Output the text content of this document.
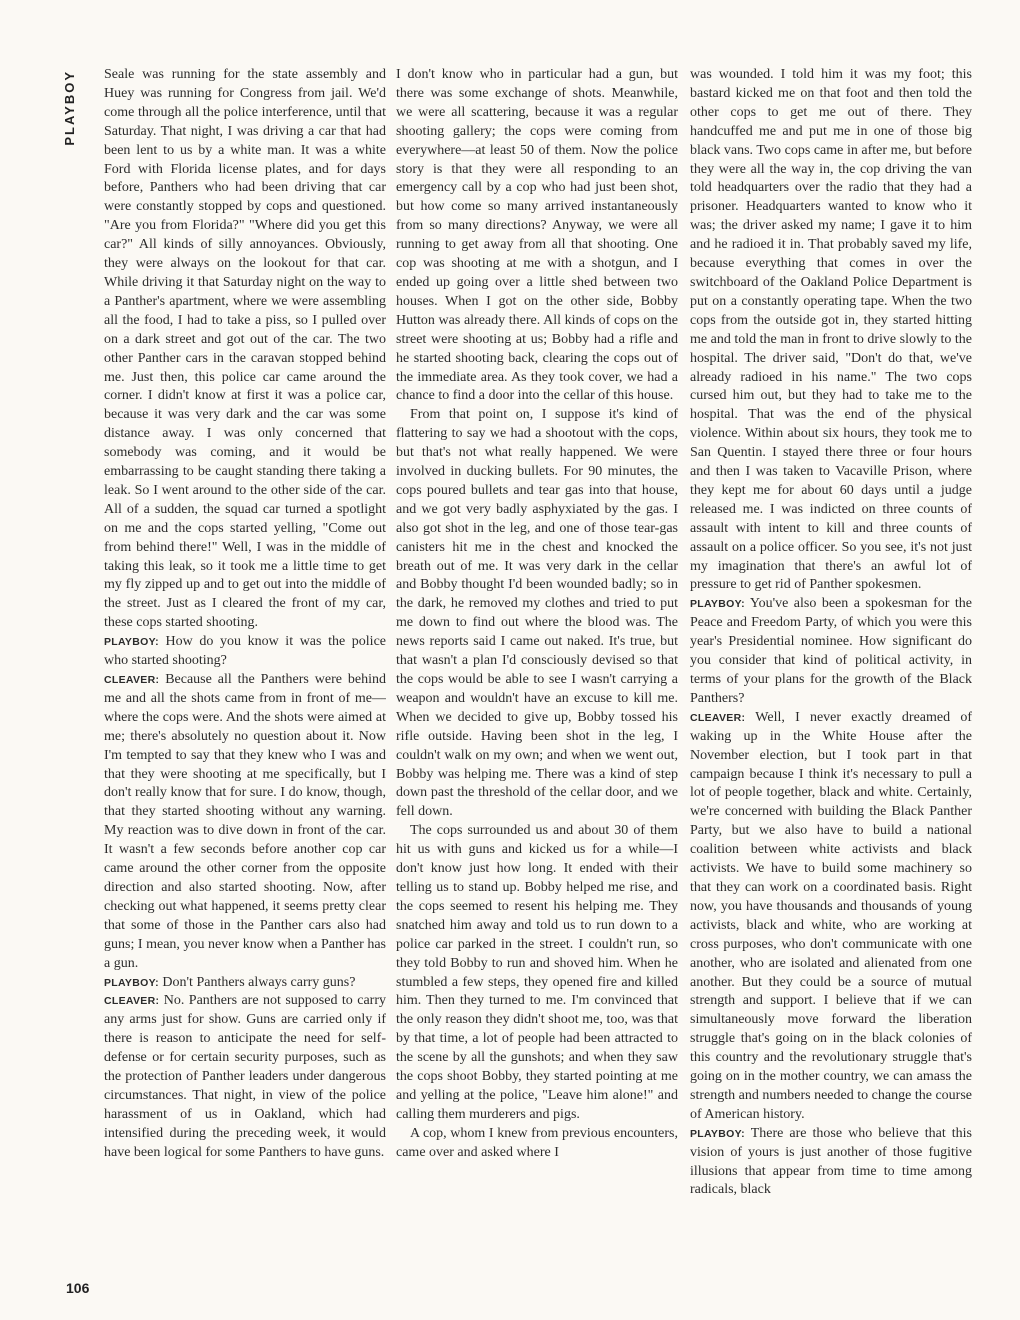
PLAYBOY	Seale was running for the state assembly and Huey was running for Congress from jail. We'd come through all the police interference, until that Saturday. That night, I was driving a car that had been lent to us by a white man. It was a white Ford with Florida license plates, and for days before, Panthers who had been driving that car were constantly stopped by cops and questioned. "Are you from Florida?" "Where did you get this car?" All kinds of silly annoyances. Obviously, they were always on the lookout for that car. While driving it that Saturday night on the way to a Panther's apartment, where we were assembling all the food, I had to take a piss, so I pulled over on a dark street and got out of the car. The two other Panther cars in the caravan stopped behind me. Just then, this police car came around the corner. I didn't know at first it was a police car, because it was very dark and the car was some distance away. I was only concerned that somebody was coming, and it would be embarrassing to be caught standing there taking a leak. So I went around to the other side of the car. All of a sudden, the squad car turned a spotlight on me and the cops started yelling, "Come out from behind there!" Well, I was in the middle of taking this leak, so it took me a little time to get my fly zipped up and to get out into the middle of the street. Just as I cleared the front of my car, these cops started shooting.

PLAYBOY: How do you know it was the police who started shooting?

CLEAVER: Because all the Panthers were behind me and all the shots came from in front of me—where the cops were. And the shots were aimed at me; there's absolutely no question about it. Now I'm tempted to say that they knew who I was and that they were shooting at me specifically, but I don't really know that for sure. I do know, though, that they started shooting without any warning. My reaction was to dive down in front of the car. It wasn't a few seconds before another cop car came around the other corner from the opposite direction and also started shooting. Now, after checking out what happened, it seems pretty clear that some of those in the Panther cars also had guns; I mean, you never know when a Panther has a gun.

PLAYBOY: Don't Panthers always carry guns?

CLEAVER: No. Panthers are not supposed to carry any arms just for show. Guns are carried only if there is reason to anticipate the need for self-defense or for certain security purposes, such as the protection of Panther leaders under dangerous circumstances. That night, in view of the police harassment of us in Oakland, which had intensified during the preceding week, it would have been logical for some Panthers to have guns.

I don't know who in particular had a gun, but there was some exchange of shots. Meanwhile, we were all scattering, because it was a regular shooting gallery; the cops were coming from everywhere—at least 50 of them. Now the police story is that they were all responding to an emergency call by a cop who had just been shot, but how come so many arrived instantaneously from so many directions? Anyway, we were all running to get away from all that shooting. One cop was shooting at me with a shotgun, and I ended up going over a little shed between two houses. When I got on the other side, Bobby Hutton was already there. All kinds of cops on the street were shooting at us; Bobby had a rifle and he started shooting back, clearing the cops out of the immediate area. As they took cover, we had a chance to find a door into the cellar of this house.

From that point on, I suppose it's kind of flattering to say we had a shootout with the cops, but that's not what really happened. We were involved in ducking bullets. For 90 minutes, the cops poured bullets and tear gas into that house, and we got very badly asphyxiated by the gas. I also got shot in the leg, and one of those tear-gas canisters hit me in the chest and knocked the breath out of me. It was very dark in the cellar and Bobby thought I'd been wounded badly; so in the dark, he removed my clothes and tried to put me down to find out where the blood was. The news reports said I came out naked. It's true, but that wasn't a plan I'd consciously devised so that the cops would be able to see I wasn't carrying a weapon and wouldn't have an excuse to kill me. When we decided to give up, Bobby tossed his rifle outside. Having been shot in the leg, I couldn't walk on my own; and when we went out, Bobby was helping me. There was a kind of step down past the threshold of the cellar door, and we fell down.

The cops surrounded us and about 30 of them hit us with guns and kicked us for a while—I don't know just how long. It ended with their telling us to stand up. Bobby helped me rise, and the cops seemed to resent his helping me. They snatched him away and told us to run down to a police car parked in the street. I couldn't run, so they told Bobby to run and shoved him. When he stumbled a few steps, they opened fire and killed him. Then they turned to me. I'm convinced that the only reason they didn't shoot me, too, was that by that time, a lot of people had been attracted to the scene by all the gunshots; and when they saw the cops shoot Bobby, they started pointing at me and yelling at the police, "Leave him alone!" and calling them murderers and pigs.

A cop, whom I knew from previous encounters, came over and asked where I

was wounded. I told him it was my foot; this bastard kicked me on that foot and then told the other cops to get me out of there. They handcuffed me and put me in one of those big black vans. Two cops came in after me, but before they were all the way in, the cop driving the van told headquarters over the radio that they had a prisoner. Headquarters wanted to know who it was; the driver asked my name; I gave it to him and he radioed it in. That probably saved my life, because everything that comes in over the switchboard of the Oakland Police Department is put on a constantly operating tape. When the two cops from the outside got in, they started hitting me and told the man in front to drive slowly to the hospital. The driver said, "Don't do that, we've already radioed in his name." The two cops cursed him out, but they had to take me to the hospital. That was the end of the physical violence. Within about six hours, they took me to San Quentin. I stayed there three or four hours and then I was taken to Vacaville Prison, where they kept me for about 60 days until a judge released me. I was indicted on three counts of assault with intent to kill and three counts of assault on a police officer. So you see, it's not just my imagination that there's an awful lot of pressure to get rid of Panther spokesmen.

PLAYBOY: You've also been a spokesman for the Peace and Freedom Party, of which you were this year's Presidential nominee. How significant do you consider that kind of political activity, in terms of your plans for the growth of the Black Panthers?

CLEAVER: Well, I never exactly dreamed of waking up in the White House after the November election, but I took part in that campaign because I think it's necessary to pull a lot of people together, black and white. Certainly, we're concerned with building the Black Panther Party, but we also have to build a national coalition between white activists and black activists. We have to build some machinery so that they can work on a coordinated basis. Right now, you have thousands and thousands of young activists, black and white, who are working at cross purposes, who don't communicate with one another, who are isolated and alienated from one another. But they could be a source of mutual strength and support. I believe that if we can simultaneously move forward the liberation struggle that's going on in the black colonies of this country and the revolutionary struggle that's going on in the mother country, we can amass the strength and numbers needed to change the course of American history.

PLAYBOY: There are those who believe that this vision of yours is just another of those fugitive illusions that appear from time to time among radicals, black

106
